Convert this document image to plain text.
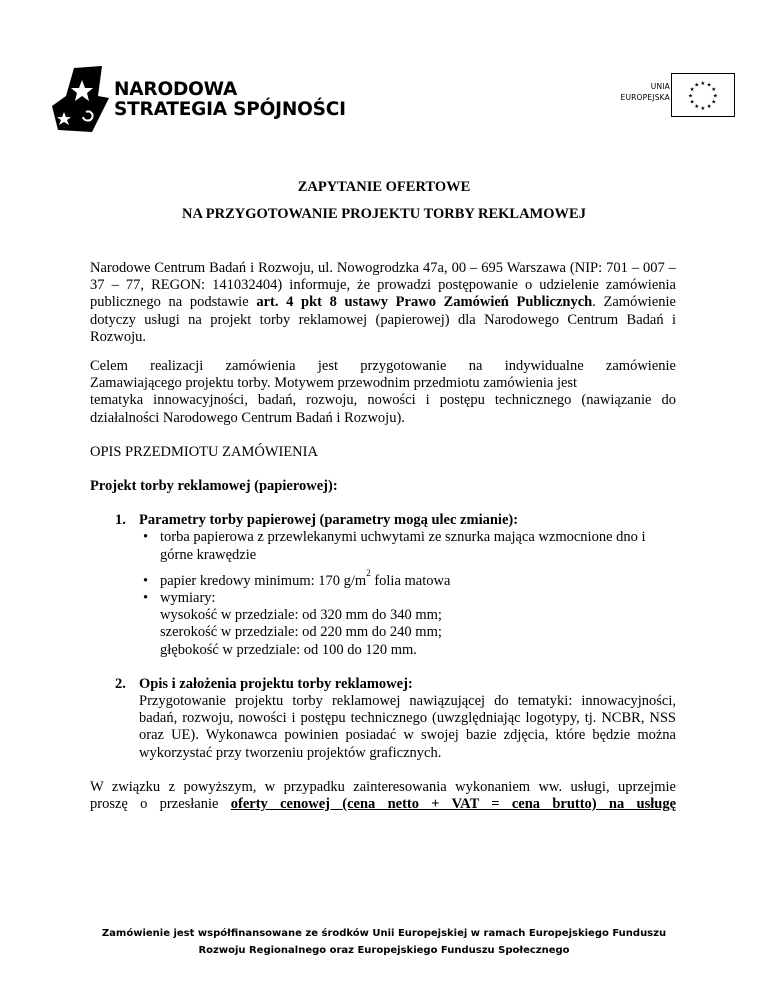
NARODOWA
STRATEGIA SPÓJNOŚCI
UNIA
EUROPEJSKA
★ ★
★
★
★
★
★
★
★
★
★
★
ZAPYTANIE OFERTOWE
NA PRZYGOTOWANIE PROJEKTU TORBY REKLAMOWEJ

Narodowe Centrum Badań i Rozwoju, ul. Nowogrodzka 47a, 00 – 695 Warszawa (NIP: 701 – 007 – 37 – 77, REGON: 141032404) informuje, że prowadzi postępowanie o udzielenie zamówienia publicznego na podstawie art. 4 pkt 8 ustawy Prawo Zamówień Publicznych. Zamówienie dotyczy usługi na projekt torby reklamowej (papierowej) dla Narodowego Centrum Badań i Rozwoju.

Celem realizacji zamówienia jest przygotowanie na indywidualne zamówienie

Zamawiającego projektu torby. Motywem przewodnim przedmiotu zamówienia jest

tematyka innowacyjności, badań, rozwoju, nowości i postępu technicznego (nawiązanie do działalności Narodowego Centrum Badań i Rozwoju).

OPIS PRZEDMIOTU ZAMÓWIENIA

Projekt torby reklamowej (papierowej):

1. Parametry torby papierowej (parametry mogą ulec zmianie):
• torba papierowa z przewlekanymi uchwytami ze sznurka mająca wzmocnione dno i górne krawędzie
• papier kredowy minimum: 170 $g/m^2$ folia matowa
• wymiary:
wysokość w przedziale: od 320 mm do 340 mm;
szerokość w przedziale: od 220 mm do 240 mm;
głębokość w przedziale: od 100 do 120 mm.
2. Opis i założenia projektu torby reklamowej:

Przygotowanie projektu torby reklamowej nawiązującej do tematyki: innowacyjności, badań, rozwoju, nowości i postępu technicznego (uwzględniając logotypy, tj. NCBR, NSS oraz UE). Wykonawca powinien posiadać w swojej bazie zdjęcia, które będzie można wykorzystać przy tworzeniu projektów graficznych.

W związku z powyższym, w przypadku zainteresowania wykonaniem ww. usługi, uprzejmie

proszę o przesłanie oferty cenowej (cena netto + VAT = cena brutto) na usługę

Zamówienie jest współfinansowane ze środków Unii Europejskiej w ramach Europejskiego Funduszu
Rozwoju Regionalnego oraz Europejskiego Funduszu Społecznego
